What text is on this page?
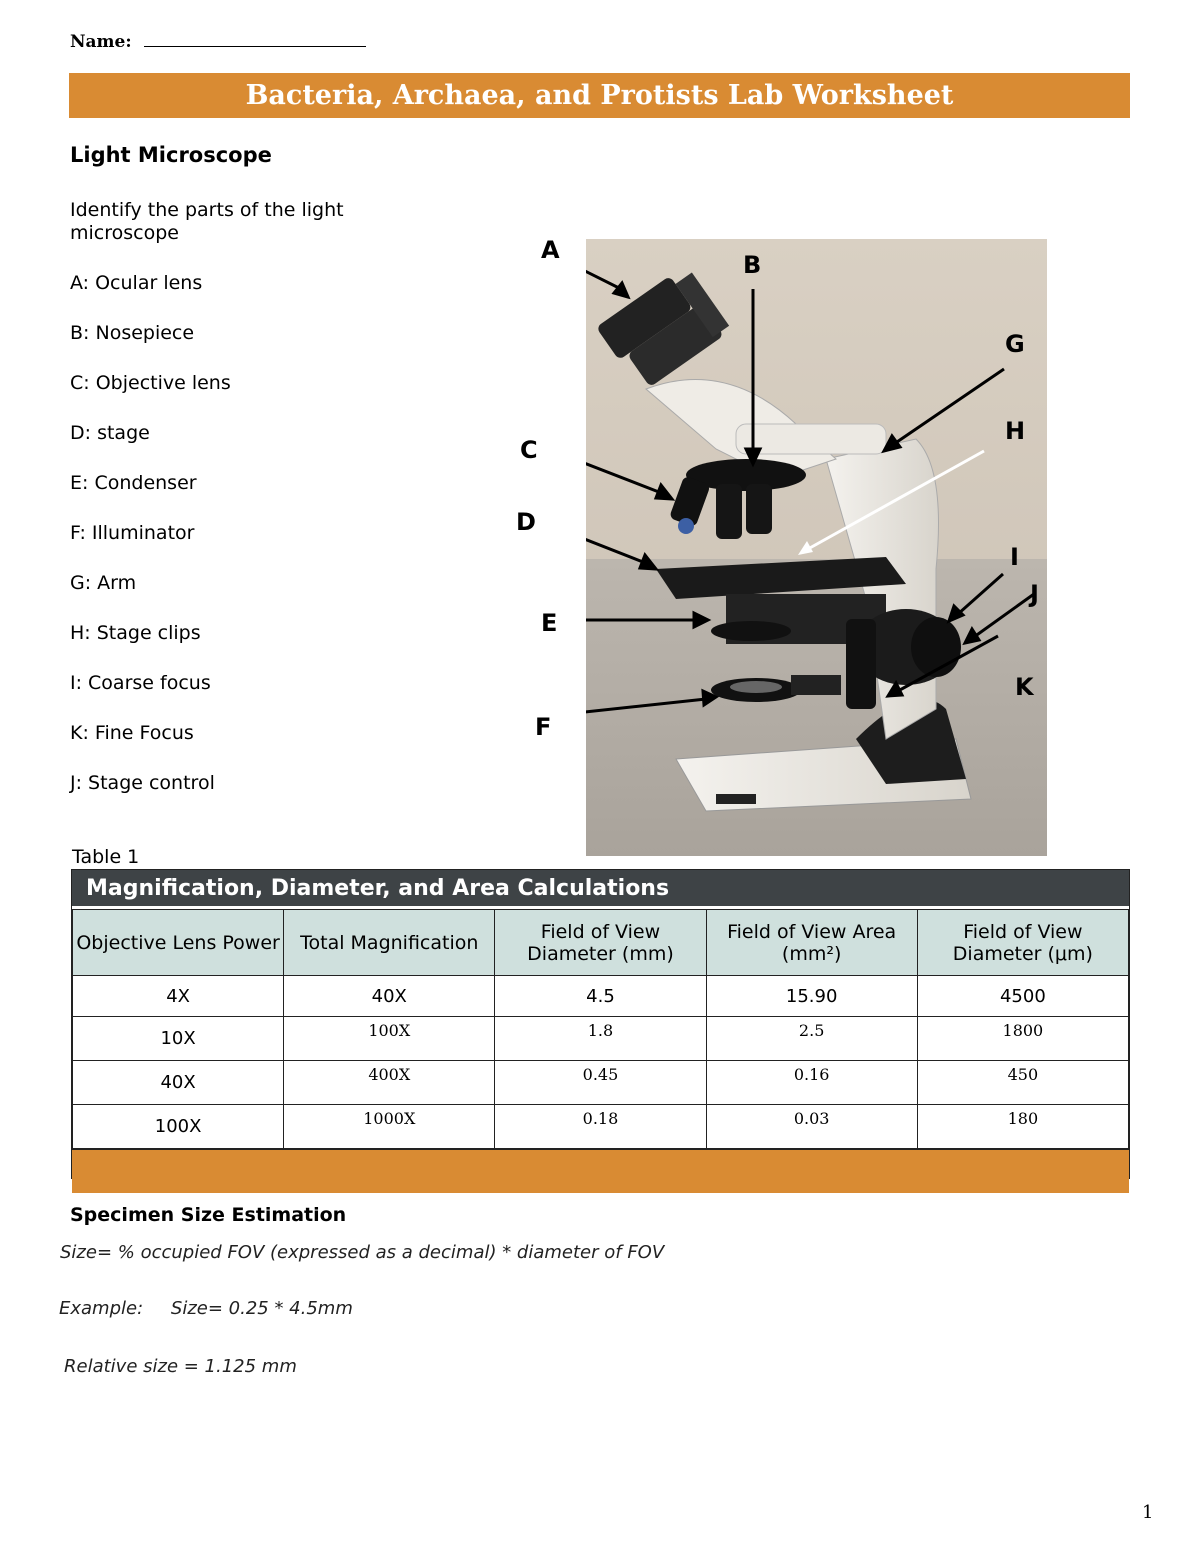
Name:
Bacteria, Archaea, and Protists Lab Worksheet
Light Microscope
Identify the parts of the light microscope
A: Ocular lens
B: Nosepiece
C: Objective lens
D: stage
E: Condenser
F: Illuminator
G: Arm
H: Stage clips
I: Coarse focus
K: Fine Focus
J: Stage control
A
B
C
D
E
F
G
H
I
J
K
Table 1
Magnification, Diameter, and Area Calculations
Objective Lens Power	Total Magnification	Field of View Diameter (mm)	Field of View Area (mm²)	Field of View Diameter (μm)
4X	40X	4.5	15.90	4500
10X	100X	1.8	2.5	1800
40X	400X	0.45	0.16	450
100X	1000X	0.18	0.03	180
Specimen Size Estimation
Size= % occupied FOV (expressed as a decimal) * diameter of FOV
Example: Size= 0.25 * 4.5mm
Relative size = 1.125 mm
1
